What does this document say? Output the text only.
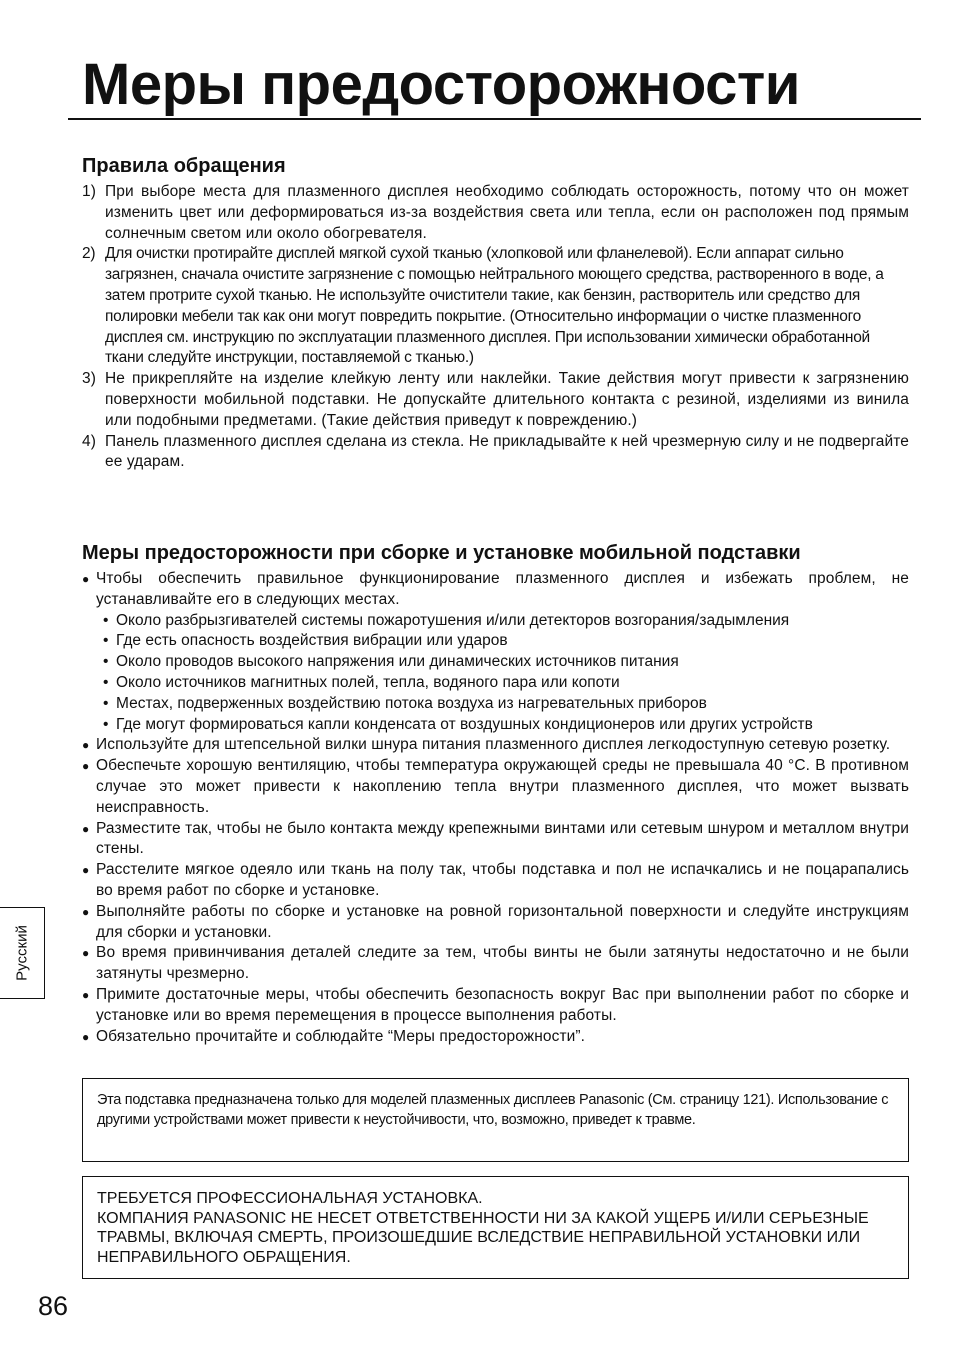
Меры предосторожности
Правила обращения
1) При выборе места для плазменного дисплея необходимо соблюдать осторожность, потому что он может изменить цвет или деформироваться из-за воздействия света или тепла, если он расположен под прямым солнечным светом или около обогревателя.
2) Для очистки протирайте дисплей мягкой сухой тканью (хлопковой или фланелевой). Если аппарат сильно загрязнен, сначала очистите загрязнение с помощью нейтрального моющего средства, растворенного в воде, а затем протрите сухой тканью. Не используйте очистители такие, как бензин, растворитель или средство для полировки мебели так как они могут повредить покрытие. (Относительно информации о чистке плазменного дисплея см. инструкцию по эксплуатации плазменного дисплея. При использовании химически обработанной ткани следуйте инструкции, поставляемой с тканью.)
3) Не прикрепляйте на изделие клейкую ленту или наклейки. Такие действия могут привести к загрязнению поверхности мобильной подставки. Не допускайте длительного контакта с резиной, изделиями из винила или подобными предметами. (Такие действия приведут к повреждению.)
4) Панель плазменного дисплея сделана из стекла. Не прикладывайте к ней чрезмерную силу и не подвергайте ее ударам.
Меры предосторожности при сборке и установке мобильной подставки
● Чтобы обеспечить правильное функционирование плазменного дисплея и избежать проблем, не устанавливайте его в следующих местах.
• Около разбрызгивателей системы пожаротушения и/или детекторов возгорания/задымления
• Где есть опасность воздействия вибрации или ударов
• Около проводов высокого напряжения или динамических источников питания
• Около источников магнитных полей, тепла, водяного пара или копоти
• Местах, подверженных воздействию потока воздуха из нагревательных приборов
• Где могут формироваться капли конденсата от воздушных кондиционеров или других устройств
● Используйте для штепсельной вилки шнура питания плазменного дисплея легкодоступную сетевую розетку.
● Обеспечьте хорошую вентиляцию, чтобы температура окружающей среды не превышала 40 °C. В противном случае это может привести к накоплению тепла внутри плазменного дисплея, что может вызвать неисправность.
● Разместите так, чтобы не было контакта между крепежными винтами или сетевым шнуром и металлом внутри стены.
● Расстелите мягкое одеяло или ткань на полу так, чтобы подставка и пол не испачкались и не поцарапались во время работ по сборке и установке.
● Выполняйте работы по сборке и установке на ровной горизонтальной поверхности и следуйте инструкциям для сборки и установки.
● Во время привинчивания деталей следите за тем, чтобы винты не были затянуты недостаточно и не были затянуты чрезмерно.
● Примите достаточные меры, чтобы обеспечить безопасность вокруг Вас при выполнении работ по сборке и установке или во время перемещения в процессе выполнения работы.
● Обязательно прочитайте и соблюдайте “Меры предосторожности”.
Русский

Эта подставка предназначена только для моделей плазменных дисплеев Panasonic (См. страницу 121). Использование с другими устройствами может привести к неустойчивости, что, возможно, приведет к травме.

ТРЕБУЕТСЯ ПРОФЕССИОНАЛЬНАЯ УСТАНОВКА.

КОМПАНИЯ PANASONIC НЕ НЕСЕТ ОТВЕТСТВЕННОСТИ НИ ЗА КАКОЙ УЩЕРБ И/ИЛИ СЕРЬЕЗНЫЕ ТРАВМЫ, ВКЛЮЧАЯ СМЕРТЬ, ПРОИЗОШЕДШИЕ ВСЛЕДСТВИЕ НЕПРАВИЛЬНОЙ УСТАНОВКИ ИЛИ НЕПРАВИЛЬНОГО ОБРАЩЕНИЯ.

86
